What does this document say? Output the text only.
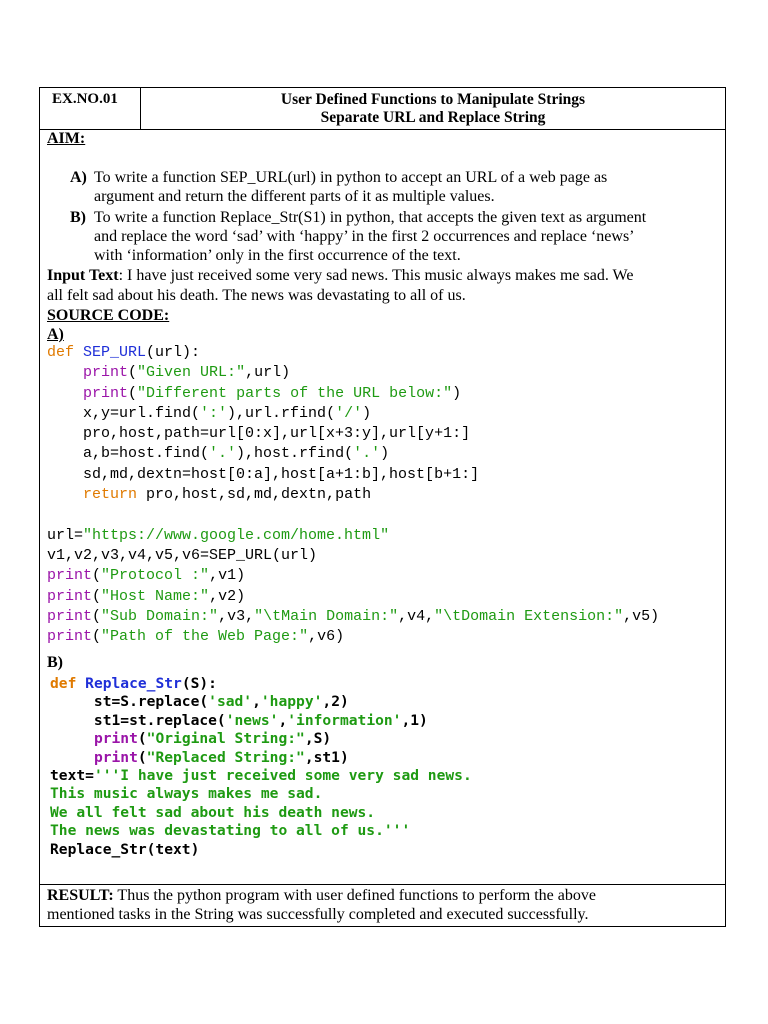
EX.NO.01	User Defined Functions to Manipulate Strings
Separate URL and Replace String
AIM:
A) To write a function SEP_URL(url) in python to accept an URL of a web page as
argument and return the different parts of it as multiple values.
B) To write a function Replace_Str(S1) in python, that accepts the given text as argument
and replace the word ‘sad’ with ‘happy’ in the first 2 occurrences and replace ‘news’
with ‘information’ only in the first occurrence of the text.
Input Text: I have just received some very sad news. This music always makes me sad. We
all felt sad about his death. The news was devastating to all of us.
SOURCE CODE:
A)
def SEP_URL(url):
print("Given URL:",url)
print("Different parts of the URL below:")
x,y=url.find(':'),url.rfind('/')
pro,host,path=url[0:x],url[x+3:y],url[y+1:]
a,b=host.find('.'),host.rfind('.')
sd,md,dextn=host[0:a],host[a+1:b],host[b+1:]
return pro,host,sd,md,dextn,path

url="https://www.google.com/home.html"
v1,v2,v3,v4,v5,v6=SEP_URL(url)
print("Protocol :",v1)
print("Host Name:",v2)
print("Sub Domain:",v3,"\tMain Domain:",v4,"\tDomain Extension:",v5)
print("Path of the Web Page:",v6)
B)
def Replace_Str(S):
st=S.replace('sad','happy',2)
st1=st.replace('news','information',1)
print("Original String:",S)
print("Replaced String:",st1)
text='''I have just received some very sad news.
This music always makes me sad.
We all felt sad about his death news.
The news was devastating to all of us.'''
Replace_Str(text)
RESULT: Thus the python program with user defined functions to perform the above
mentioned tasks in the String was successfully completed and executed successfully.
